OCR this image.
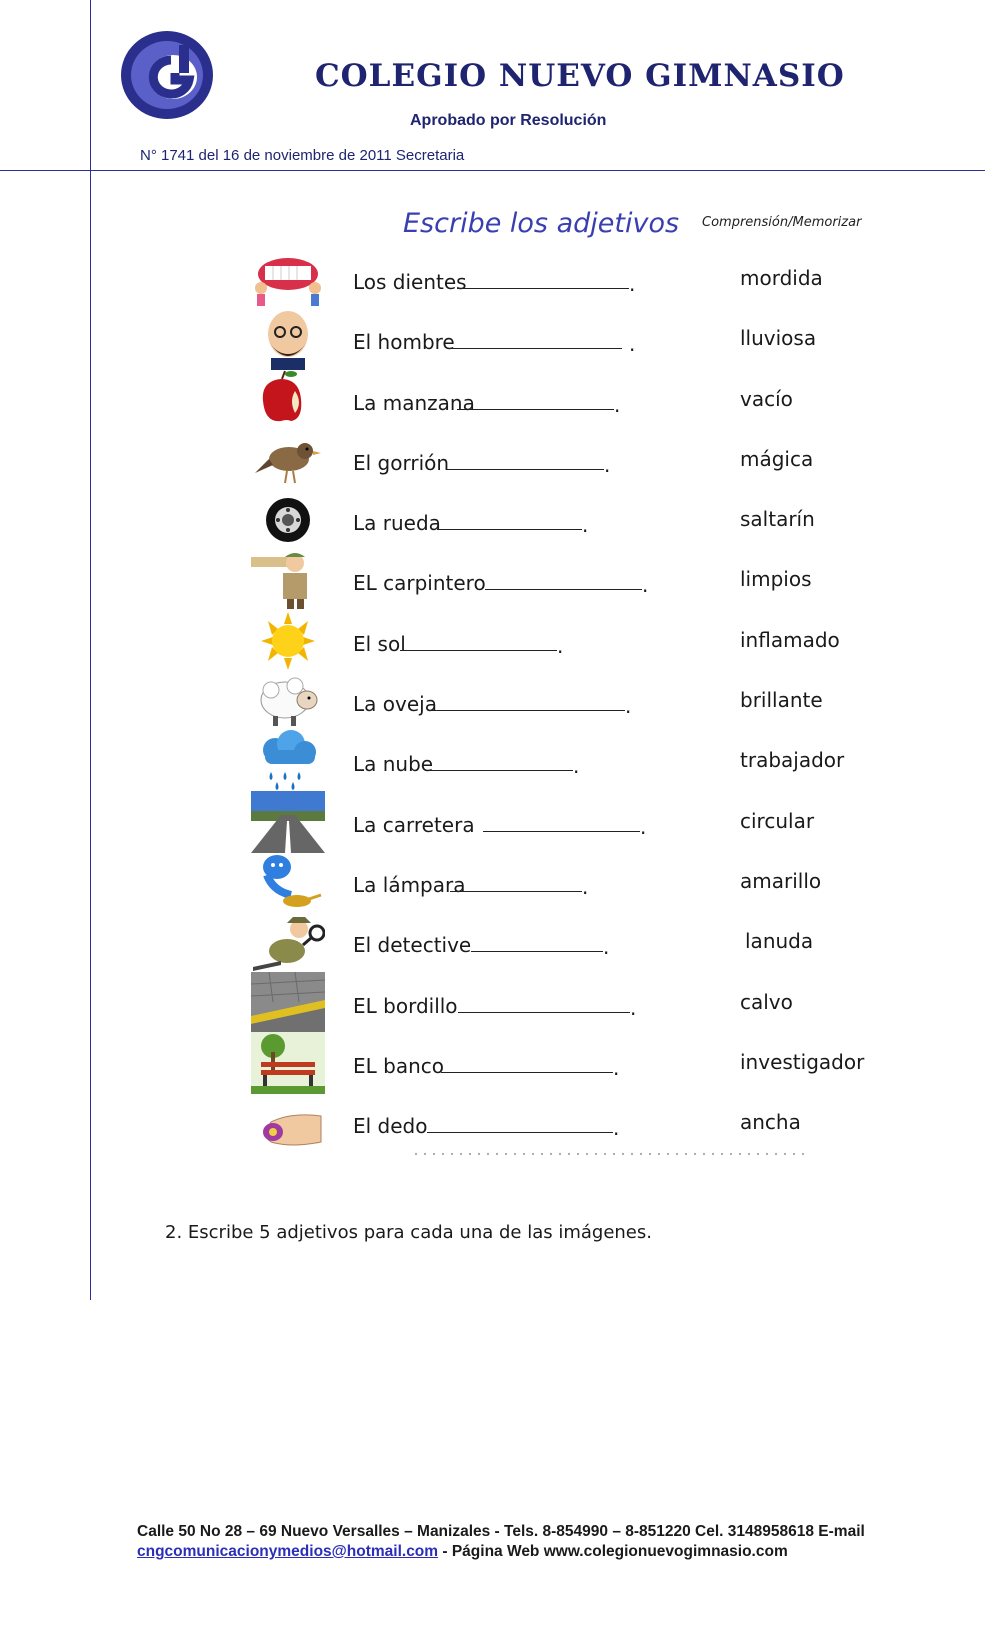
COLEGIO NUEVO GIMNASIO
Aprobado por Resolución
N° 1741 del 16 de noviembre de 2011 Secretaria
Escribe los adjetivos Comprensión/Memorizar
Los dientes	.	mordida
El hombre	.	lluviosa
La manzana	.	vacío
El gorrión	.	mágica
La rueda	.	saltarín
EL carpintero	.	limpios
El sol	.	inflamado
La oveja	.	brillante
La nube	.	trabajador
La carretera	.	circular
La lámpara	.	amarillo
El detective	.	lanuda
EL bordillo	.	calvo
EL banco	.	investigador
El dedo	.	ancha
2. Escribe 5 adjetivos para cada una de las imágenes.
Calle 50 No 28 – 69 Nuevo Versalles – Manizales - Tels. 8-854990 – 8-851220 Cel. 3148958618 E-mail
cngcomunicacionymedios@hotmail.com - Página Web www.colegionuevogimnasio.com
